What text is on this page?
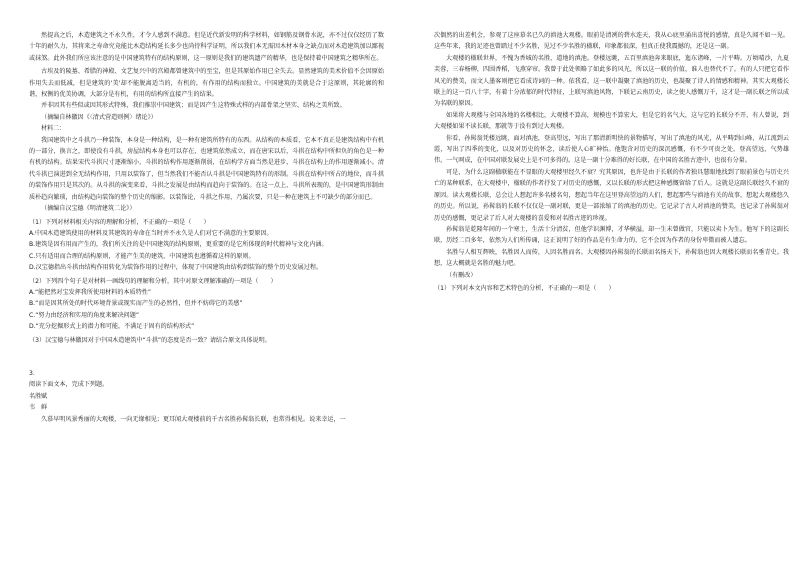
然提高之后，木造建筑之不永久性，才令人感到不满意。但是近代新发明的科学材料，如钢筋及钢骨水泥，亦不过仅仅经历了数十年的耐久力，其将来之寿命究竟能比木造结构延长多少也尚待科学证明，所以我们本无需因木材本身之缺点而对木造建筑加以鄙视或抹煞。此外我们所应该注意的是中国建筑特有的结构原则，这一原则是我们的建筑遗产的精华，也是保持着中国建筑之精华所在。

古埃及的陵墓、希腊的神殿、文艺复兴中的宫殿都曾建筑中的至宝，但是其原始作用已全失去。显然建筑的美术价值不会因原始作用失去而低减，但是建筑的'美'却不能脱离适当的，有机的，有作用的结构而独立。中国建筑的美就是合于这原则，其轮廓的和谐，权衡的优美协调，大部分是有机，有用的结构所直接产生的结果。

并非因其有些似或因其形式特殊，我们推崇中国建筑；而是因产生这特殊式样的内部骨架之坚实、结构之美所致。

（摘编自林徽因《〈清式营造则例〉绪论》）

材料二：

我国建筑中之斗拱乃一种装饰，本身是一种结构，是一种有建筑所特有的东西。从结构的本质看，它本不真正是建筑结构中有机的一部分，换言之，即使没有斗拱，房屋结构本身也可以存在，也建筑依然成立，而在唐宋以后，斗拱在结构中所担负的角色是一种有机的结构。结果宋代斗拱尺寸逐渐缩小，斗拱的结构作用逐渐削弱，在结构学方面当然是进步，斗拱在结构上的作用逐渐减小。清代斗拱已演进到全无结构作用，只用以装饰了，但当然我们不能否认斗拱是中国建筑特有的形制。斗拱在结构中所占的地位，而斗拱的装饰作用只是其次的。从斗拱的演变来看，斗拱之发展是由结构而趋向于装饰的。在这一点上，斗拱所表现的，是中国建筑形制由质朴趋向繁琐，由结构趋向装饰的整个历史的缩影。以装饰论，斗拱之作用，乃属次要，只是一种在建筑上不可缺少的部分而已。

（摘编自汉宝德《明清建筑二论》）

（1）下列对材料相关内容的理解和分析，不正确的一项是（　　）

A.中国木造建筑使用的材料及其建筑的寿命在当时并不永久是人们对它不满意的主要原因。

B.建筑是因有用而产生的，我们所关注的是中国建筑的结构原则，更重要的是它所体现的时代精神与文化内涵。

C.只有适用而合理的结构原则，才能产生美的建筑，中国建筑也遵循着这样的原则。

D.汉宝德指出斗拱由结构作用转化为装饰作用的过程中，体现了中国建筑由结构到装饰的整个历史发展过程。

（2）下列四个句子是对材料一画线句的理解和分析，其中对原文理解准确的一项是（　　）

A.“能把然对宝发挥我所使用材料的本质特性”

B.“而是因其所处的时代环境背景或现实而产生的必然性，但并不妨碍它的美感”

C.“努力由经济和实用的角度来解决问题”

D.“充分挖掘形式上的潜力和可能，不满足于固有的结构形式”

（3）汉宝德与林徽因对于中国木造建筑中“斗拱”的态度是否一致？请结合原文具体说明。

3．

阅读下面文本，完成下列题。

名胜赋

韦　鲜

久慕早明风景秀丽的大观楼，一向无缘相见；更耳闻大观楼前的千古名胜孙髯翁长联，也常得相见。说来幸运，一

次偶然的出差机会，参观了这座慕名已久的滇池大观楼。眼前是清冽的碧水连天，我从心底里涌出喜悦的感情，真是久闻不如一见。这些年来，我的足迹也曾踏过不少名胜，见过不少名胜的楹联，印象都很深，但真正使我震撼的，还是这一副。

大观楼的楹联世界，不愧为香城的名胜，道地的滇池。登楼远眺，五百里滇池奔来眼底，迤东诸峰，一片平畴。万顷晴沙，九夏芙蓉，三春杨柳，四围香稻，飞燕穿帘。我曾于此处领略了如此多的风光，所以这一联的价值，谁人也替代不了。有的人只把它看作风光的赞美，而文人墨客则把它看成诗词的一种。依我看，这一联中凝聚了滇池的历史，也凝聚了诗人的情感和精神。其实大观楼长联上的这一百八十字，有着十分浓郁的时代特征，上联写滇池风物，下联记云南历史，读之使人感慨万千，这才是一副长联之所以成为名联的原因。

如果将大观楼与全国各地的名楼相比，大观楼不算高，规模也不算宏大，但是它的名气大，这与它的长联分不开，有人曾说，到大观楼如果不读长联，那就等于没有到过大观楼。

你看，孙髯翁凭楼远眺，面对滇池，登高望远，写出了那清新明快的景物描写，写出了滇池的风光，从平畴到山峰，从江流到云霞，写出了四季的变化，以及对历史的怀念，读后使人心旷神怡。他饱含对历史的深沉感慨，有不少可贵之处。登高望远，气势雄伟，一气呵成，在中国对联发展史上是不可多得的。这是一副十分难得的好长联，在中国的名胜古迹中，也很有分量。

可是，为什么这副楹联能在不显眼的大观楼里经久不衰？究其原因，也许是由于长联的作者独具慧眼地找到了眼前景色与历史兴亡的某种联系，在大观楼中，楹联的作者抒发了对历史的感慨，又以长联的形式把这种感慨留给了后人。这就是这副长联经久不衰的原因。读大观楼长联，总会让人想起许多名楼名句，想起当年在这里登高望远的人们，想起那些与滇池有关的故事，想起大观楼悠久的历史。所以说，孙髯翁的长联不仅仅是一副对联，更是一部浓缩了的滇池的历史。它记录了古人对滇池的赞美，也记录了孙髯翁对历史的感慨，更记录了后人对大观楼的喜爱和对名胜古迹的珍视。

孙髯翁是乾隆年间的一个寒士，生活十分清贫，但他学识渊博，才华横溢，却一生未曾做官，只能以卖卜为生。他写下的这副长联，历经二百多年，依然为人们所传诵，这正说明了好的作品是有生命力的，它不会因为作者的身份卑微而被人遗忘。

名胜与人相互辉映，名胜因人而传，人因名胜而名。大观楼因孙髯翁的长联而名扬天下，孙髯翁也因大观楼长联而名垂青史。我想，这大概就是名胜的魅力吧。

（有删改）

（1）下列对本文内容和艺术特色的分析，不正确的一项是（　　）
